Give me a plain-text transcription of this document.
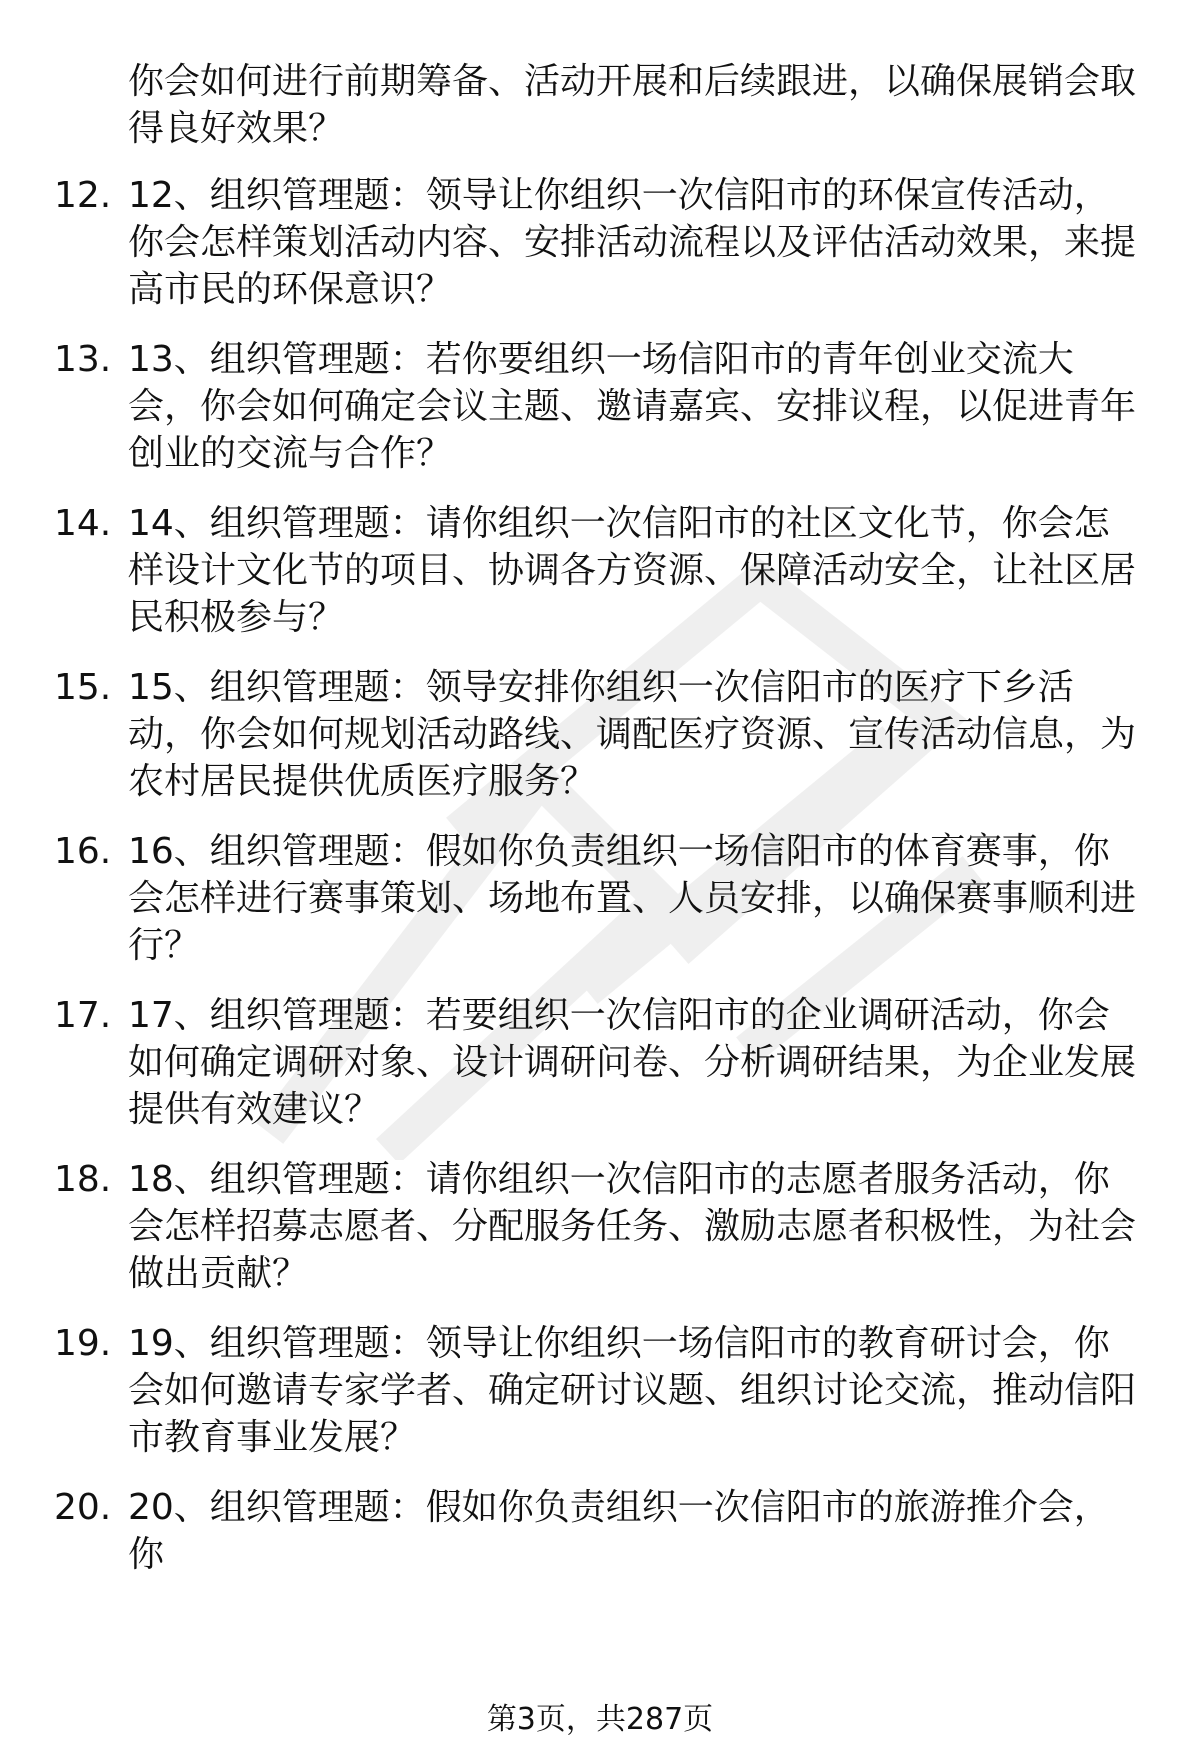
你会如何进行前期筹备、活动开展和后续跟进，以确保展销会取得良好效果？
12. 12、组织管理题：领导让你组织一次信阳市的环保宣传活动，你会怎样策划活动内容、安排活动流程以及评估活动效果，来提高市民的环保意识？
13. 13、组织管理题：若你要组织一场信阳市的青年创业交流大会，你会如何确定会议主题、邀请嘉宾、安排议程，以促进青年创业的交流与合作？
14. 14、组织管理题：请你组织一次信阳市的社区文化节，你会怎样设计文化节的项目、协调各方资源、保障活动安全，让社区居民积极参与？
15. 15、组织管理题：领导安排你组织一次信阳市的医疗下乡活动，你会如何规划活动路线、调配医疗资源、宣传活动信息，为农村居民提供优质医疗服务？
16. 16、组织管理题：假如你负责组织一场信阳市的体育赛事，你会怎样进行赛事策划、场地布置、人员安排，以确保赛事顺利进行？
17. 17、组织管理题：若要组织一次信阳市的企业调研活动，你会如何确定调研对象、设计调研问卷、分析调研结果，为企业发展提供有效建议？
18. 18、组织管理题：请你组织一次信阳市的志愿者服务活动，你会怎样招募志愿者、分配服务任务、激励志愿者积极性，为社会做出贡献？
19. 19、组织管理题：领导让你组织一场信阳市的教育研讨会，你会如何邀请专家学者、确定研讨议题、组织讨论交流，推动信阳市教育事业发展？
20. 20、组织管理题：假如你负责组织一次信阳市的旅游推介会，你
第3页，共287页
